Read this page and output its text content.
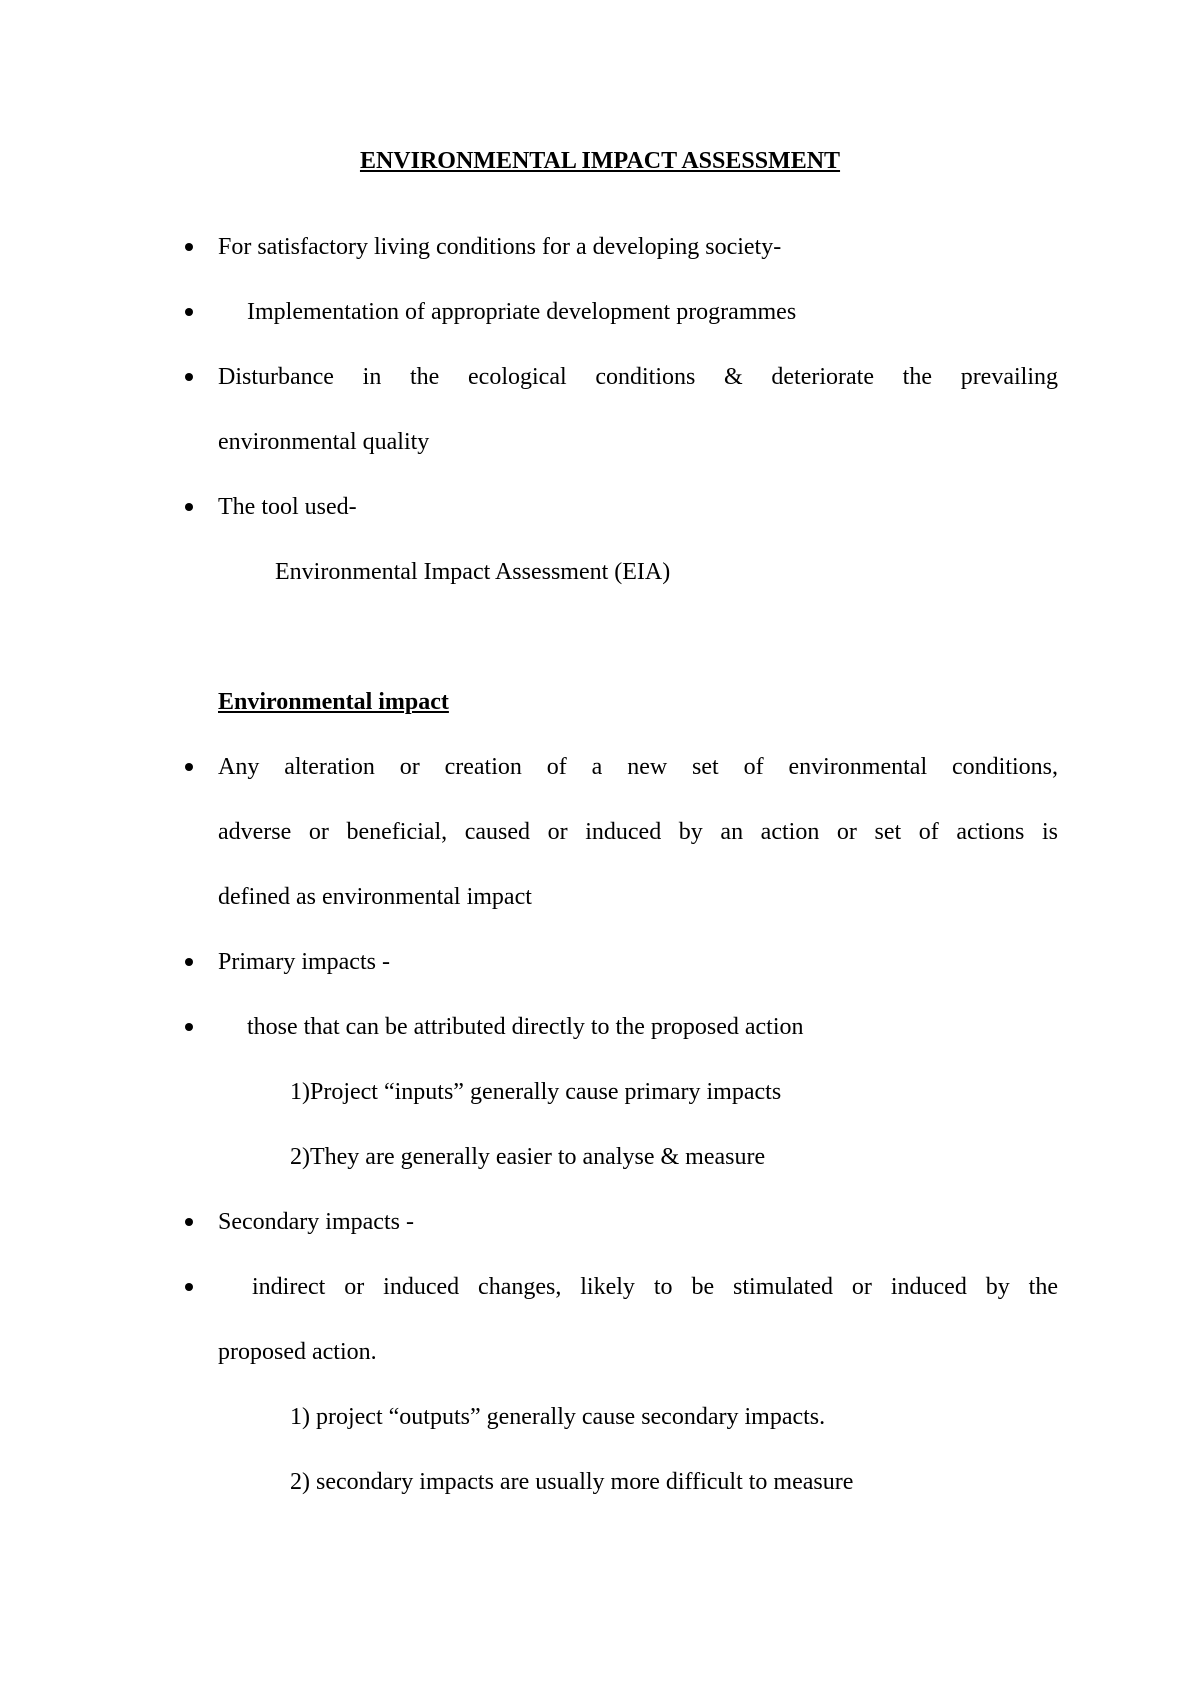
ENVIRONMENTAL IMPACT ASSESSMENT
For satisfactory living conditions for a developing society-
Implementation of appropriate development programmes
Disturbance in the ecological conditions & deteriorate the prevailing
environmental quality
The tool used-
Environmental Impact Assessment (EIA)
Environmental impact
Any alteration or creation of a new set of environmental conditions,
adverse or beneficial, caused or induced by an action or set of actions is
defined as environmental impact
Primary impacts -
those that can be attributed directly to the proposed action
1)Project “inputs” generally cause primary impacts
2)They are generally easier to analyse & measure
Secondary impacts -
indirect or induced changes, likely to be stimulated or induced by the
proposed action.
1) project “outputs” generally cause secondary impacts.
2) secondary impacts are usually more difficult to measure
